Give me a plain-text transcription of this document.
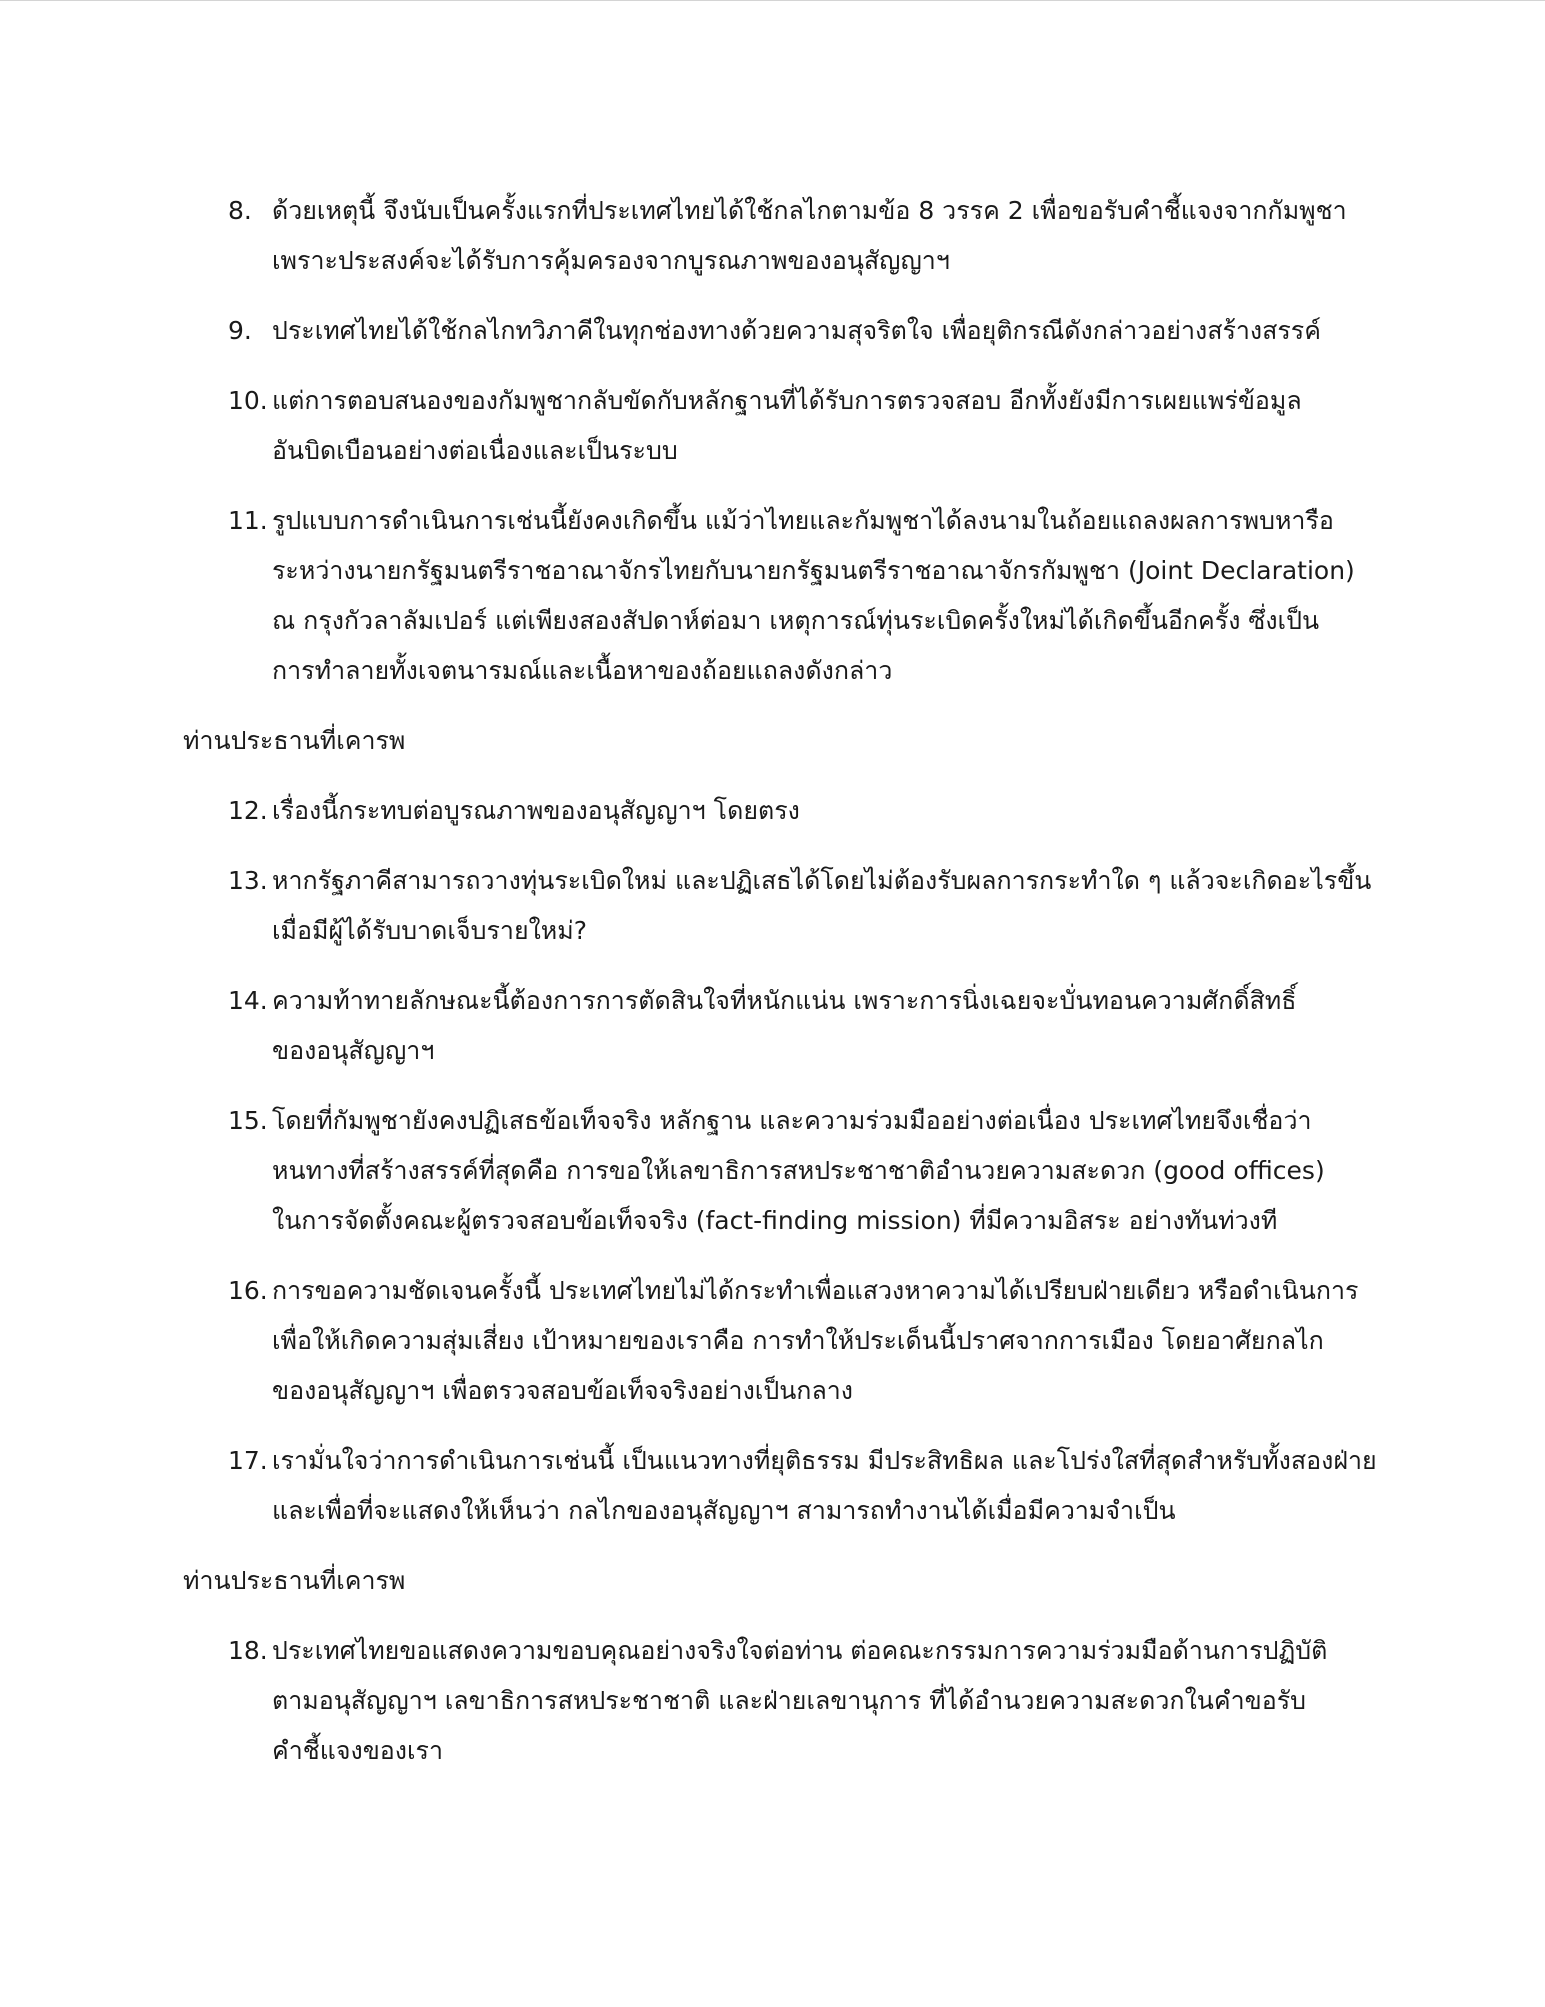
8. ด้วยเหตุนี้ จึงนับเป็นครั้งแรกที่ประเทศไทยได้ใช้กลไกตามข้อ 8 วรรค 2 เพื่อขอรับคำชี้แจงจากกัมพูชา
เพราะประสงค์จะได้รับการคุ้มครองจากบูรณภาพของอนุสัญญาฯ
9. ประเทศไทยได้ใช้กลไกทวิภาคีในทุกช่องทางด้วยความสุจริตใจ เพื่อยุติกรณีดังกล่าวอย่างสร้างสรรค์
10. แต่การตอบสนองของกัมพูชากลับขัดกับหลักฐานที่ได้รับการตรวจสอบ อีกทั้งยังมีการเผยแพร่ข้อมูล
อันบิดเบือนอย่างต่อเนื่องและเป็นระบบ
11. รูปแบบการดำเนินการเช่นนี้ยังคงเกิดขึ้น แม้ว่าไทยและกัมพูชาได้ลงนามในถ้อยแถลงผลการพบหารือ
ระหว่างนายกรัฐมนตรีราชอาณาจักรไทยกับนายกรัฐมนตรีราชอาณาจักรกัมพูชา (Joint Declaration)
ณ กรุงกัวลาลัมเปอร์ แต่เพียงสองสัปดาห์ต่อมา เหตุการณ์ทุ่นระเบิดครั้งใหม่ได้เกิดขึ้นอีกครั้ง ซึ่งเป็น
การทำลายทั้งเจตนารมณ์และเนื้อหาของถ้อยแถลงดังกล่าว
ท่านประธานที่เคารพ
12. เรื่องนี้กระทบต่อบูรณภาพของอนุสัญญาฯ โดยตรง
13. หากรัฐภาคีสามารถวางทุ่นระเบิดใหม่ และปฏิเสธได้โดยไม่ต้องรับผลการกระทำใด ๆ แล้วจะเกิดอะไรขึ้น
เมื่อมีผู้ได้รับบาดเจ็บรายใหม่?
14. ความท้าทายลักษณะนี้ต้องการการตัดสินใจที่หนักแน่น เพราะการนิ่งเฉยจะบั่นทอนความศักดิ์สิทธิ์
ของอนุสัญญาฯ
15. โดยที่กัมพูชายังคงปฏิเสธข้อเท็จจริง หลักฐาน และความร่วมมืออย่างต่อเนื่อง ประเทศไทยจึงเชื่อว่า
หนทางที่สร้างสรรค์ที่สุดคือ การขอให้เลขาธิการสหประชาชาติอำนวยความสะดวก (good offices)
ในการจัดตั้งคณะผู้ตรวจสอบข้อเท็จจริง (fact-finding mission) ที่มีความอิสระ อย่างทันท่วงที
16. การขอความชัดเจนครั้งนี้ ประเทศไทยไม่ได้กระทำเพื่อแสวงหาความได้เปรียบฝ่ายเดียว หรือดำเนินการ
เพื่อให้เกิดความสุ่มเสี่ยง เป้าหมายของเราคือ การทำให้ประเด็นนี้ปราศจากการเมือง โดยอาศัยกลไก
ของอนุสัญญาฯ เพื่อตรวจสอบข้อเท็จจริงอย่างเป็นกลาง
17. เรามั่นใจว่าการดำเนินการเช่นนี้ เป็นแนวทางที่ยุติธรรม มีประสิทธิผล และโปร่งใสที่สุดสำหรับทั้งสองฝ่าย
และเพื่อที่จะแสดงให้เห็นว่า กลไกของอนุสัญญาฯ สามารถทำงานได้เมื่อมีความจำเป็น
ท่านประธานที่เคารพ
18. ประเทศไทยขอแสดงความขอบคุณอย่างจริงใจต่อท่าน ต่อคณะกรรมการความร่วมมือด้านการปฏิบัติ
ตามอนุสัญญาฯ เลขาธิการสหประชาชาติ และฝ่ายเลขานุการ ที่ได้อำนวยความสะดวกในคำขอรับ
คำชี้แจงของเรา
